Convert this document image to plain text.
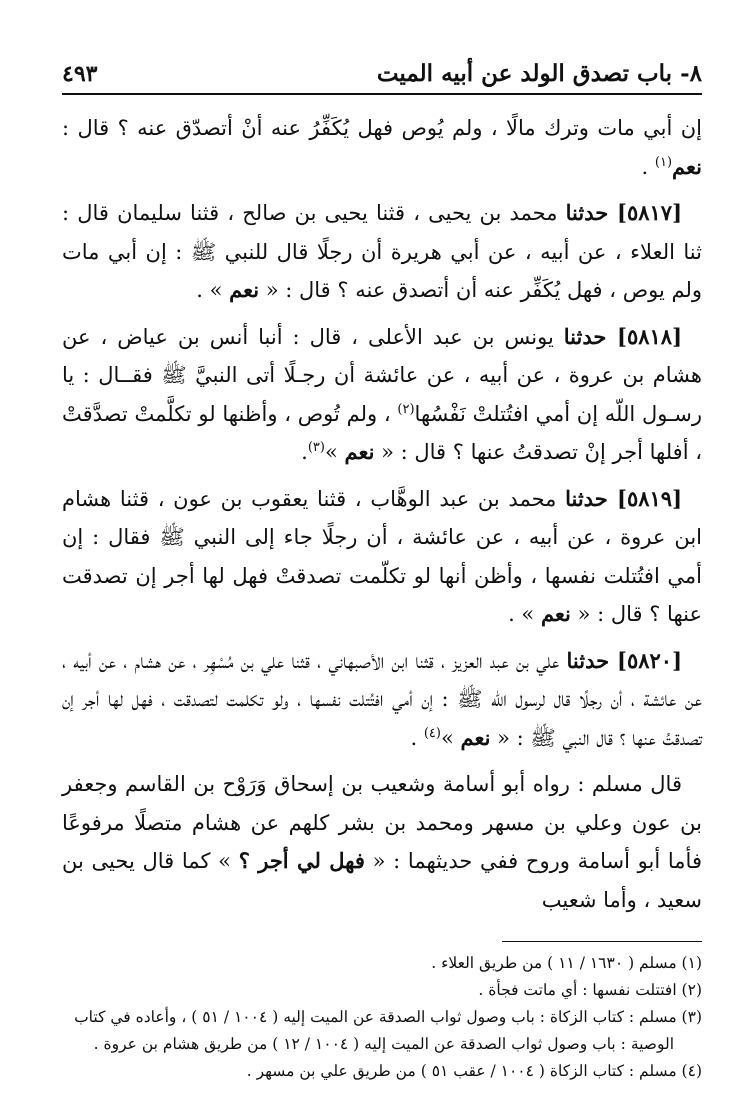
٨- باب تصدق الولد عن أبيه الميت
٤٩٣

إن أبي مات وترك مالًا ، ولم يُوص فهل يُكَفِّرُ عنه أنْ أتصدّق عنه ؟ قال : نعم$^{(١)}$ .

[٥٨١٧] حدثنا محمد بن يحيى ، قثنا يحيى بن صالح ، قثنا سليمان قال : ثنا العلاء ، عن أبيه ، عن أبي هريرة أن رجلًا قال للنبي ﷺ : إن أبي مات ولم يوص ، فهل يُكَفِّر عنه أن أتصدق عنه ؟ قال : « نعم » .

[٥٨١٨] حدثنا يونس بن عبد الأعلى ، قال : أنبا أنس بن عياض ، عن هشام بن عروة ، عن أبيه ، عن عائشة أن رجـلًا أتى النبيَّ ﷺ فقــال : يا رسـول اللّه إن أمي افتُتلتْ نَفْسُها$^{(٢)}$ ، ولم تُوص ، وأظنها لو تكلَّمتْ تصدَّقتْ ، أفلها أجر إنْ تصدقتُ عنها ؟ قال : « نعم »$^{(٣)}$.

[٥٨١٩] حدثنا محمد بن عبد الوهَّاب ، قثنا يعقوب بن عون ، قثنا هشام ابن عروة ، عن أبيه ، عن عائشة ، أن رجلًا جاء إلى النبي ﷺ فقال : إن أمي افتُتلت نفسها ، وأظن أنها لو تكلّمت تصدقتْ فهل لها أجر إن تصدقت عنها ؟ قال : « نعم » .

[٥٨٢٠] حدثنا علي بن عبد العزيز ، قثنا ابن الأصبهاني ، قثنا علي بن مُسْهِر ، عن هشام ، عن أبيه ، عن عائشة ، أن رجلًا قال لرسول اللّه ﷺ : إن أمي افتُتلت نفسها ، ولو تكلمت لتصدقت ، فهل لها أجر إن تصدقتُ عنها ؟ قال النبي ﷺ : « نعم »$^{(٤)}$ .

قال مسلم : رواه أبو أسامة وشعيب بن إسحاق وَرَوْح بن القاسم وجعفر بن عون وعلي بن مسهر ومحمد بن بشر كلهم عن هشام متصلًا مرفوعًا فأما أبو أسامة وروح ففي حديثهما : « فهل لي أجر ؟ » كما قال يحيى بن سعيد ، وأما شعيب

(١) مسلم ( ١٦٣٠ / ١١ ) من طريق العلاء .
(٢) افتتلت نفسها : أي ماتت فجأة .
(٣) مسلم : كتاب الزكاة : باب وصول ثواب الصدقة عن الميت إليه ( ١٠٠٤ / ٥١ ) ، وأعاده في كتاب
الوصية : باب وصول ثواب الصدقة عن الميت إليه ( ١٠٠٤ / ١٢ ) من طريق هشام بن عروة .
(٤) مسلم : كتاب الزكاة ( ١٠٠٤ / عقب ٥١ ) من طريق علي بن مسهر .
